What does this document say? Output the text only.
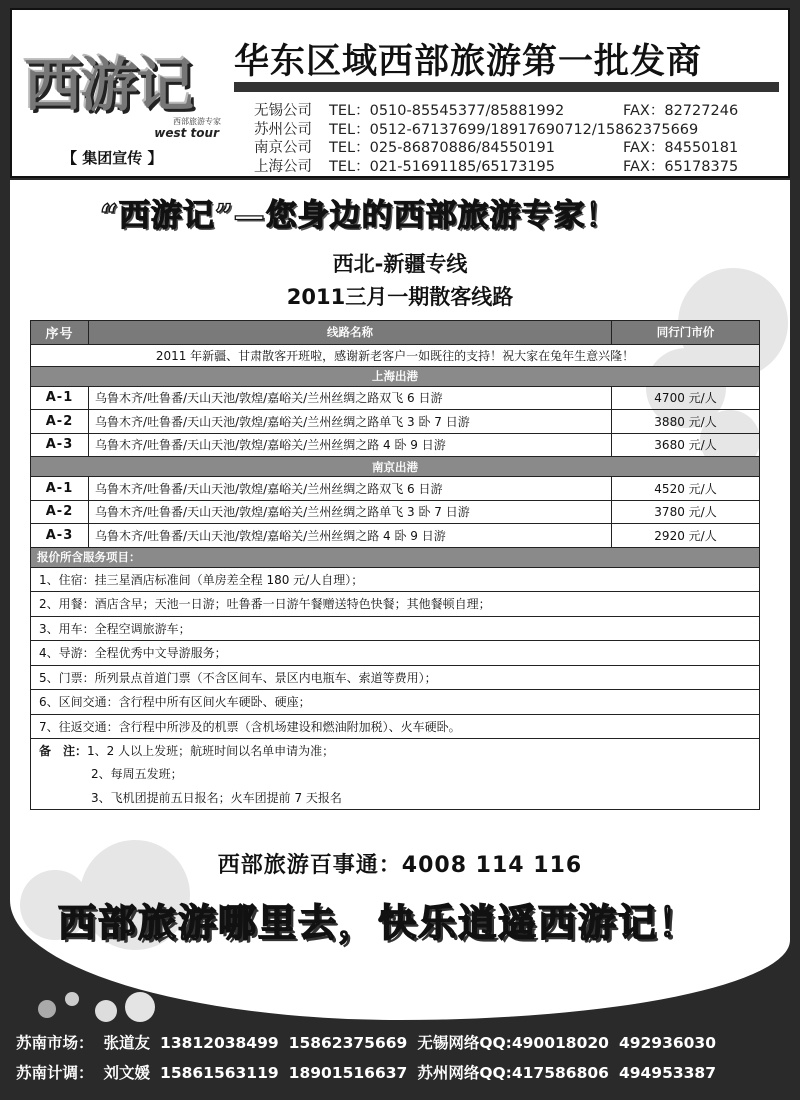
西游记
西部旅游专家
west tour
【 集团宣传 】
华东区域西部旅游第一批发商
无锡公司	TEL：0510-85545377/85881992	FAX：82727246
苏州公司	TEL：0512-67137699/18917690712/15862375669
南京公司	TEL：025-86870886/84550191	FAX：84550181
上海公司	TEL：021-51691185/65173195	FAX：65178375
“西游记”—您身边的西部旅游专家！
西北-新疆专线
2011三月一期散客线路
序号	线路名称	同行门市价
2011 年新疆、甘肃散客开班啦，感谢新老客户一如既往的支持！祝大家在兔年生意兴隆！		
上海出港		
A-1	乌鲁木齐/吐鲁番/天山天池/敦煌/嘉峪关/兰州丝绸之路双飞 6 日游	4700 元/人
A-2	乌鲁木齐/吐鲁番/天山天池/敦煌/嘉峪关/兰州丝绸之路单飞 3 卧 7 日游	3880 元/人
A-3	乌鲁木齐/吐鲁番/天山天池/敦煌/嘉峪关/兰州丝绸之路 4 卧 9 日游	3680 元/人
南京出港		
A-1	乌鲁木齐/吐鲁番/天山天池/敦煌/嘉峪关/兰州丝绸之路双飞 6 日游	4520 元/人
A-2	乌鲁木齐/吐鲁番/天山天池/敦煌/嘉峪关/兰州丝绸之路单飞 3 卧 7 日游	3780 元/人
A-3	乌鲁木齐/吐鲁番/天山天池/敦煌/嘉峪关/兰州丝绸之路 4 卧 9 日游	2920 元/人
报价所含服务项目：		
1、住宿：挂三星酒店标准间（单房差全程 180 元/人自理）；		
2、用餐：酒店含早；天池一日游；吐鲁番一日游午餐赠送特色快餐；其他餐顿自理；		
3、用车：全程空调旅游车；		
4、导游：全程优秀中文导游服务；		
5、门票：所列景点首道门票（不含区间车、景区内电瓶车、索道等费用）；		
6、区间交通：含行程中所有区间火车硬卧、硬座；		
7、往返交通：含行程中所涉及的机票（含机场建设和燃油附加税）、火车硬卧。		
备　注：1、2 人以上发班；航班时间以名单申请为准；		
2、每周五发班；		
3、飞机团提前五日报名；火车团提前 7 天报名		
西部旅游百事通：4008 114 116
西部旅游哪里去，快乐逍遥西游记！
苏南市场： 张道友 13812038499 15862375669 无锡网络QQ:490018020 492936030
苏南计调： 刘文媛 15861563119 18901516637 苏州网络QQ:417586806 494953387
